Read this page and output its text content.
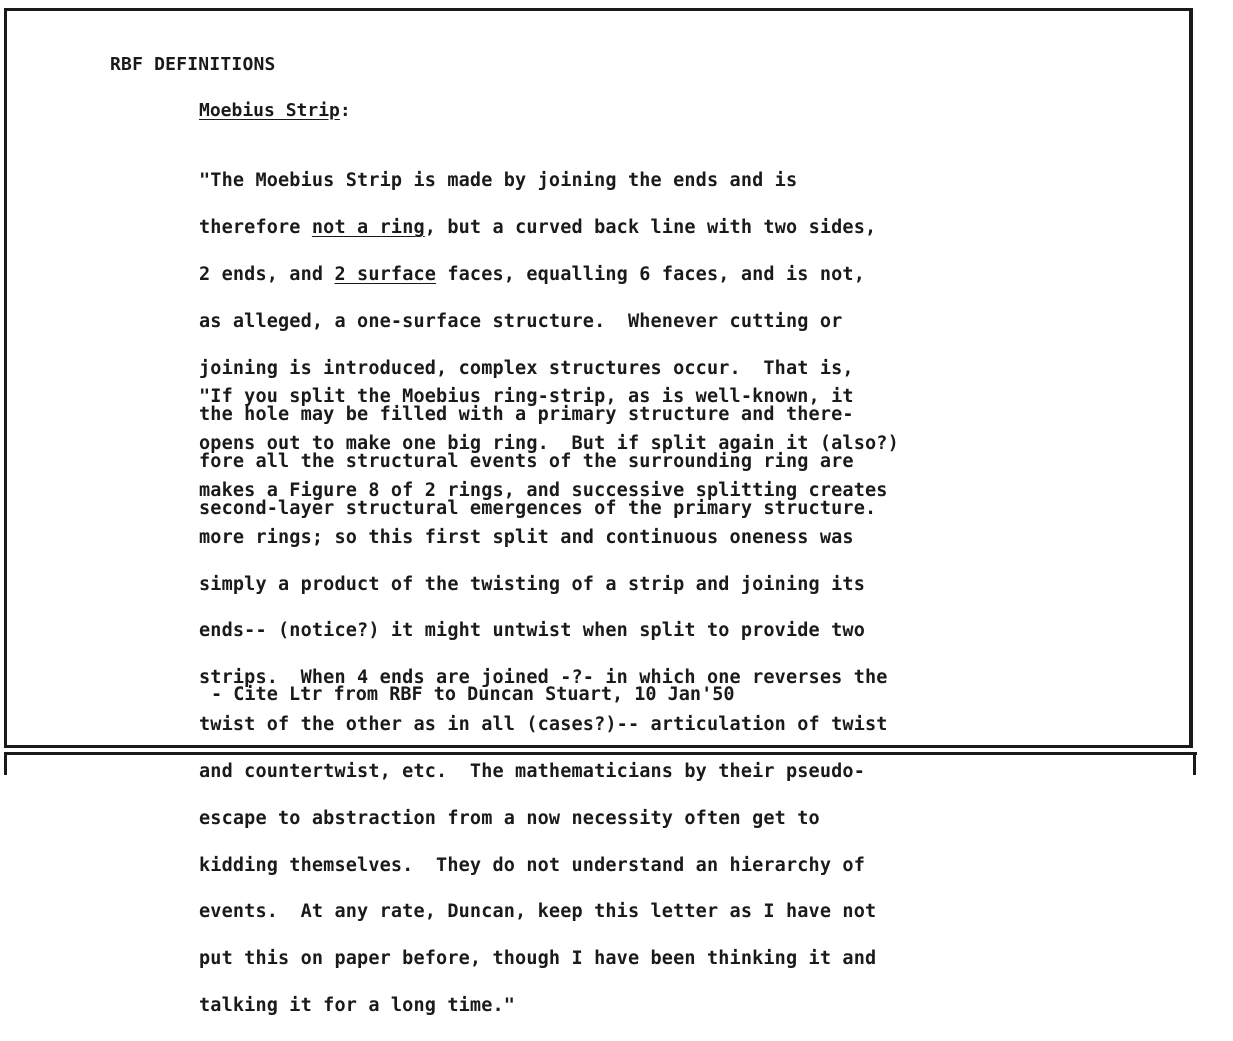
RBF DEFINITIONS
Moebius Strip:

"The Moebius Strip is made by joining the ends and is

therefore not a ring, but a curved back line with two sides,

2 ends, and 2 surface faces, equalling 6 faces, and is not,

as alleged, a one-surface structure.  Whenever cutting or

joining is introduced, complex structures occur.  That is,

the hole may be filled with a primary structure and there-

fore all the structural events of the surrounding ring are

second-layer structural emergences of the primary structure.

"If you split the Moebius ring-strip, as is well-known, it

opens out to make one big ring.  But if split again it (also?)

makes a Figure 8 of 2 rings, and successive splitting creates

more rings; so this first split and continuous oneness was

simply a product of the twisting of a strip and joining its

ends-- (notice?) it might untwist when split to provide two

strips.  When 4 ends are joined -?- in which one reverses the

twist of the other as in all (cases?)-- articulation of twist

and countertwist, etc.  The mathematicians by their pseudo-

escape to abstraction from a now necessity often get to

kidding themselves.  They do not understand an hierarchy of

events.  At any rate, Duncan, keep this letter as I have not

put this on paper before, though I have been thinking it and

talking it for a long time."

- Cite Ltr from RBF to Duncan Stuart, 10 Jan'50
